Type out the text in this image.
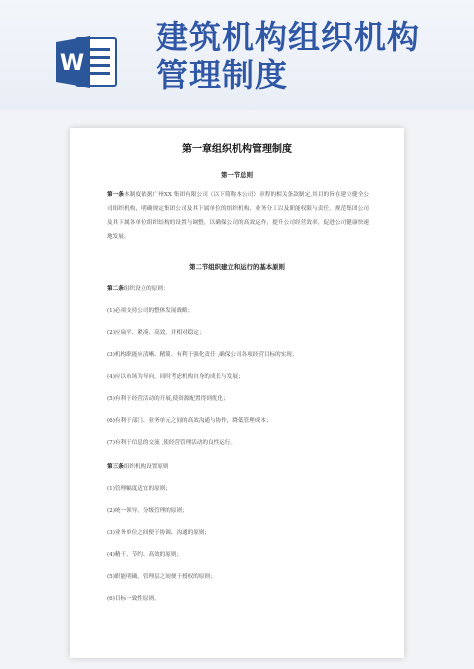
W
建筑机构组织机构
管理制度
第一章组织机构管理制度
第一节总则
第一条本制度依据广州XX 集团有限公司（以下简称本公司）章程的相关条款制定,其目的旨在建立健全公司组织机构，明确规定集团公司及其下属单位的组织机构、业务分工以及职能权限与责任，规范集团公司及其下属各单位组织结构的设置与调整，以确保公司的高效运作，提升公司经营效率，促进公司健康快速地发展。
第二节组织建立和运行的基本原则
第二条组织设立的原则：
(1)必须支持公司的整体发展战略；
(2)应扁平、紧凑、高效，并相对稳定；
(3)机构职能应清晰、精简、有利于强化责任 ,确保公司各项经营目标的实现；
(4)应以市场为导向，同时考虑机构自身的成长与发展；
(5)有利于经营活动的开展,使资源配置得到优化；
(6)有利于部门、业务单元之间的高效沟通与协作，降低管理成本；
(7)有利于信息的交流 ,使经营管理活动的良性运行。
第三条组织机构设置原则
(1)管理幅度适宜的原则；
(2)统一领导，分级管理的原则；
(3)业务单位之间便于协调、沟通的原则；
(4)精干、节约、高效的原则；
(5)职能明确，管理层之间便于授权的原则；
(6)目标一致性原则。
